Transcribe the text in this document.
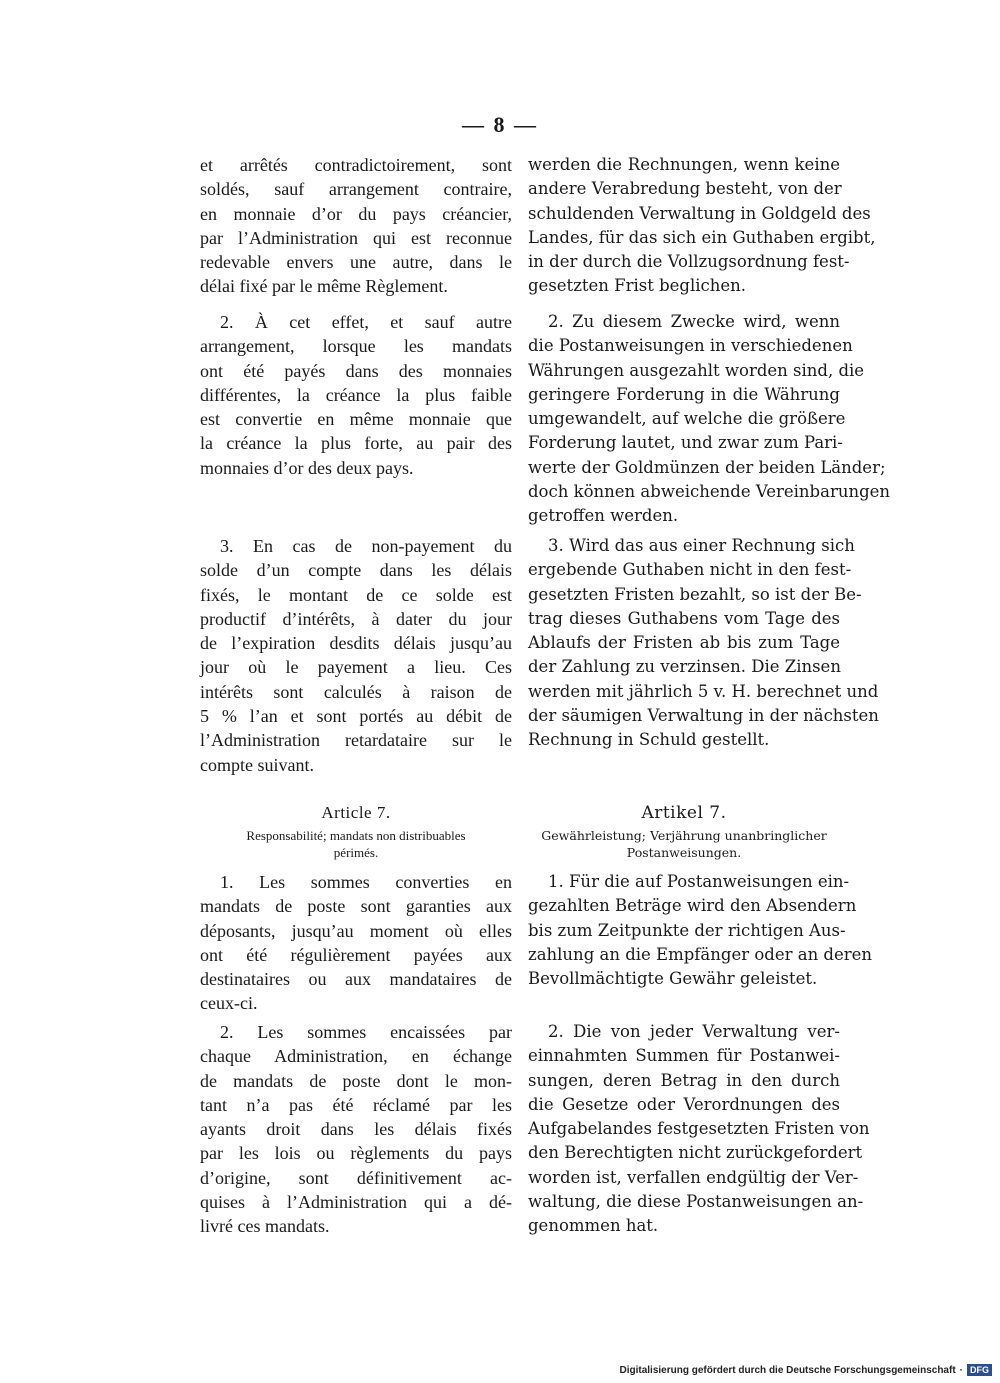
— 8 —

et arrêtés contradictoirement, sont
soldés, sauf arrangement contraire,
en monnaie d’or du pays créancier,
par l’Administration qui est reconnue
redevable envers une autre, dans le
délai fixé par le même Règlement.

2. À cet effet, et sauf autre
arrangement, lorsque les mandats
ont été payés dans des monnaies
différentes, la créance la plus faible
est convertie en même monnaie que
la créance la plus forte, au pair des
monnaies d’or des deux pays.

3. En cas de non-payement du
solde d’un compte dans les délais
fixés, le montant de ce solde est
productif d’intérêts, à dater du jour
de l’expiration desdits délais jusqu’au
jour où le payement a lieu. Ces
intérêts sont calculés à raison de
5 % l’an et sont portés au débit de
l’Administration retardataire sur le
compte suivant.

Article 7.
Responsabilité; mandats non distribuables
périmés.

1. Les sommes converties en
mandats de poste sont garanties aux
déposants, jusqu’au moment où elles
ont été régulièrement payées aux
destinataires ou aux mandataires de
ceux-ci.

2. Les sommes encaissées par
chaque Administration, en échange
de mandats de poste dont le mon-
tant n’a pas été réclamé par les
ayants droit dans les délais fixés
par les lois ou règlements du pays
d’origine, sont définitivement ac-
quises à l’Administration qui a dé-
livré ces mandats.

werden die Rechnungen, wenn keine
andere Verabredung besteht, von der
schuldenden Verwaltung in Goldgeld des
Landes, für das sich ein Guthaben ergibt,
in der durch die Vollzugsordnung fest-
gesetzten Frist beglichen.

2. Zu diesem Zwecke wird, wenn
die Postanweisungen in verschiedenen
Währungen ausgezahlt worden sind, die
geringere Forderung in die Währung
umgewandelt, auf welche die größere
Forderung lautet, und zwar zum Pari-
werte der Goldmünzen der beiden Länder;
doch können abweichende Vereinbarungen
getroffen werden.

3. Wird das aus einer Rechnung sich
ergebende Guthaben nicht in den fest-
gesetzten Fristen bezahlt, so ist der Be-
trag dieses Guthabens vom Tage des
Ablaufs der Fristen ab bis zum Tage
der Zahlung zu verzinsen. Die Zinsen
werden mit jährlich 5 v. H. berechnet und
der säumigen Verwaltung in der nächsten
Rechnung in Schuld gestellt.

Artikel 7.
Gewährleistung; Verjährung unanbringlicher
Postanweisungen.

1. Für die auf Postanweisungen ein-
gezahlten Beträge wird den Absendern
bis zum Zeitpunkte der richtigen Aus-
zahlung an die Empfänger oder an deren
Bevollmächtigte Gewähr geleistet.

2. Die von jeder Verwaltung ver-
einnahmten Summen für Postanwei-
sungen, deren Betrag in den durch
die Gesetze oder Verordnungen des
Aufgabelandes festgesetzten Fristen von
den Berechtigten nicht zurückgefordert
worden ist, verfallen endgültig der Ver-
waltung, die diese Postanweisungen an-
genommen hat.

Digitalisierung gefördert durch die Deutsche Forschungsgemeinschaft · DFG
